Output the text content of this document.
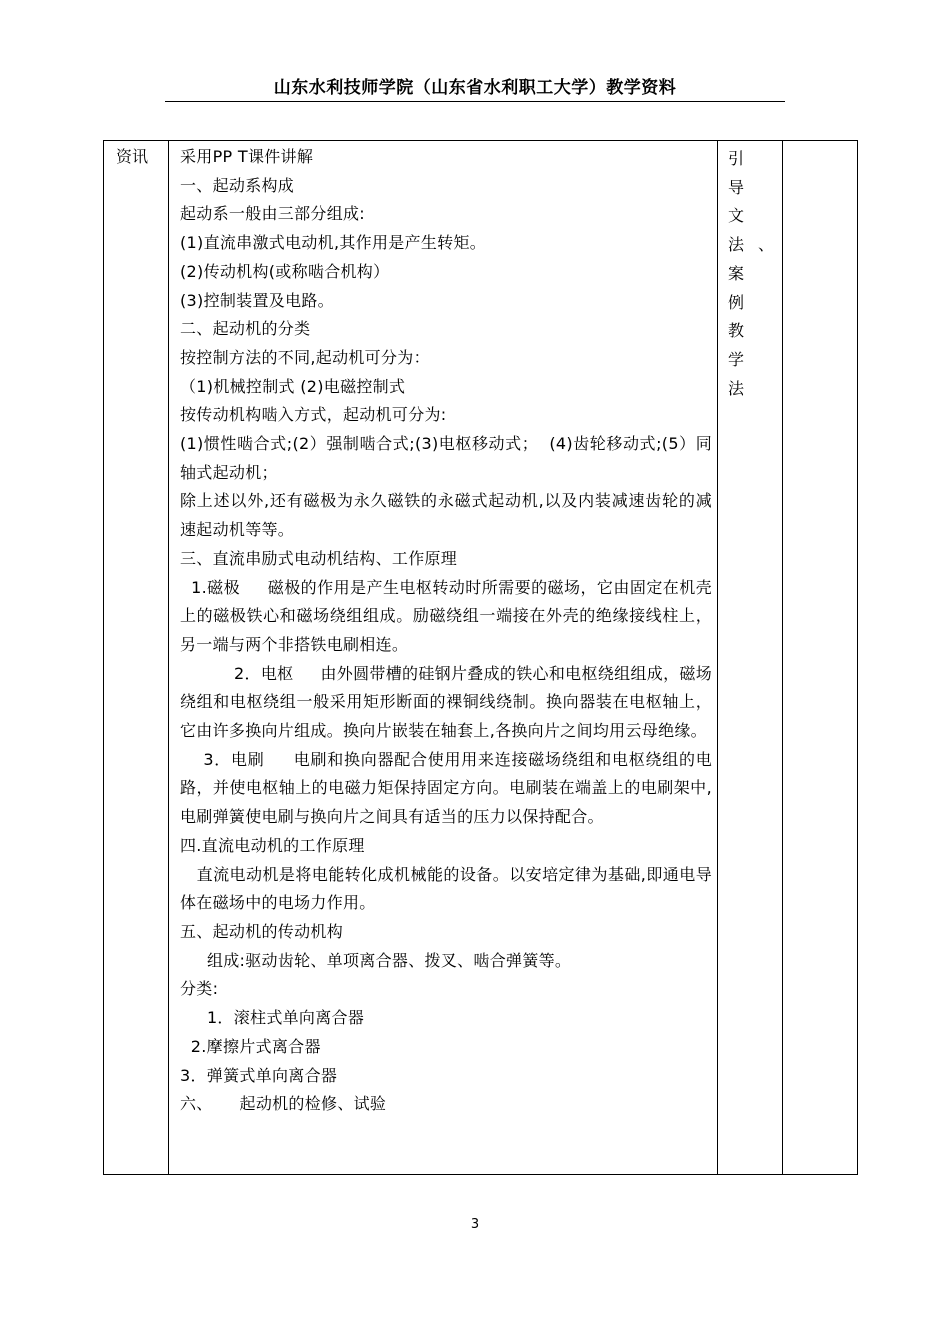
山东水利技师学院（山东省水利职工大学）教学资料
资讯 采用PP T课件讲解

一、起动系构成

起动系一般由三部分组成:

(1)直流串激式电动机,其作用是产生转矩。

(2)传动机构(或称啮合机构）

(3)控制装置及电路。

二、起动机的分类

按控制方法的不同,起动机可分为：

（1)机械控制式 (2)电磁控制式

按传动机构啮入方式，起动机可分为:

(1)惯性啮合式;(2）强制啮合式;(3)电枢移动式；  (4)齿轮移动式;(5）同轴式起动机；

除上述以外,还有磁极为永久磁铁的永磁式起动机,以及内装减速齿轮的减速起动机等等。

三、直流串励式电动机结构、工作原理

1.磁极     磁极的作用是产生电枢转动时所需要的磁场，它由固定在机壳上的磁极铁心和磁场绕组组成。励磁绕组一端接在外壳的绝缘接线柱上，另一端与两个非搭铁电刷相连。

2．电枢     由外圆带槽的硅钢片叠成的铁心和电枢绕组组成，磁场绕组和电枢绕组一般采用矩形断面的裸铜线绕制。换向器装在电枢轴上，它由许多换向片组成。换向片嵌装在轴套上,各换向片之间均用云母绝缘。

3．电刷     电刷和换向器配合使用用来连接磁场绕组和电枢绕组的电路，并使电枢轴上的电磁力矩保持固定方向。电刷装在端盖上的电刷架中,电刷弹簧使电刷与换向片之间具有适当的压力以保持配合。

四.直流电动机的工作原理

直流电动机是将电能转化成机械能的设备。以安培定律为基础,即通电导体在磁场中的电场力作用。

五、起动机的传动机构

组成:驱动齿轮、单项离合器、拨叉、啮合弹簧等。

分类:

1．滚柱式单向离合器

2.摩擦片式离合器

3．弹簧式单向离合器

六、     起动机的检修、试验

引导文法、案例教学法
3
